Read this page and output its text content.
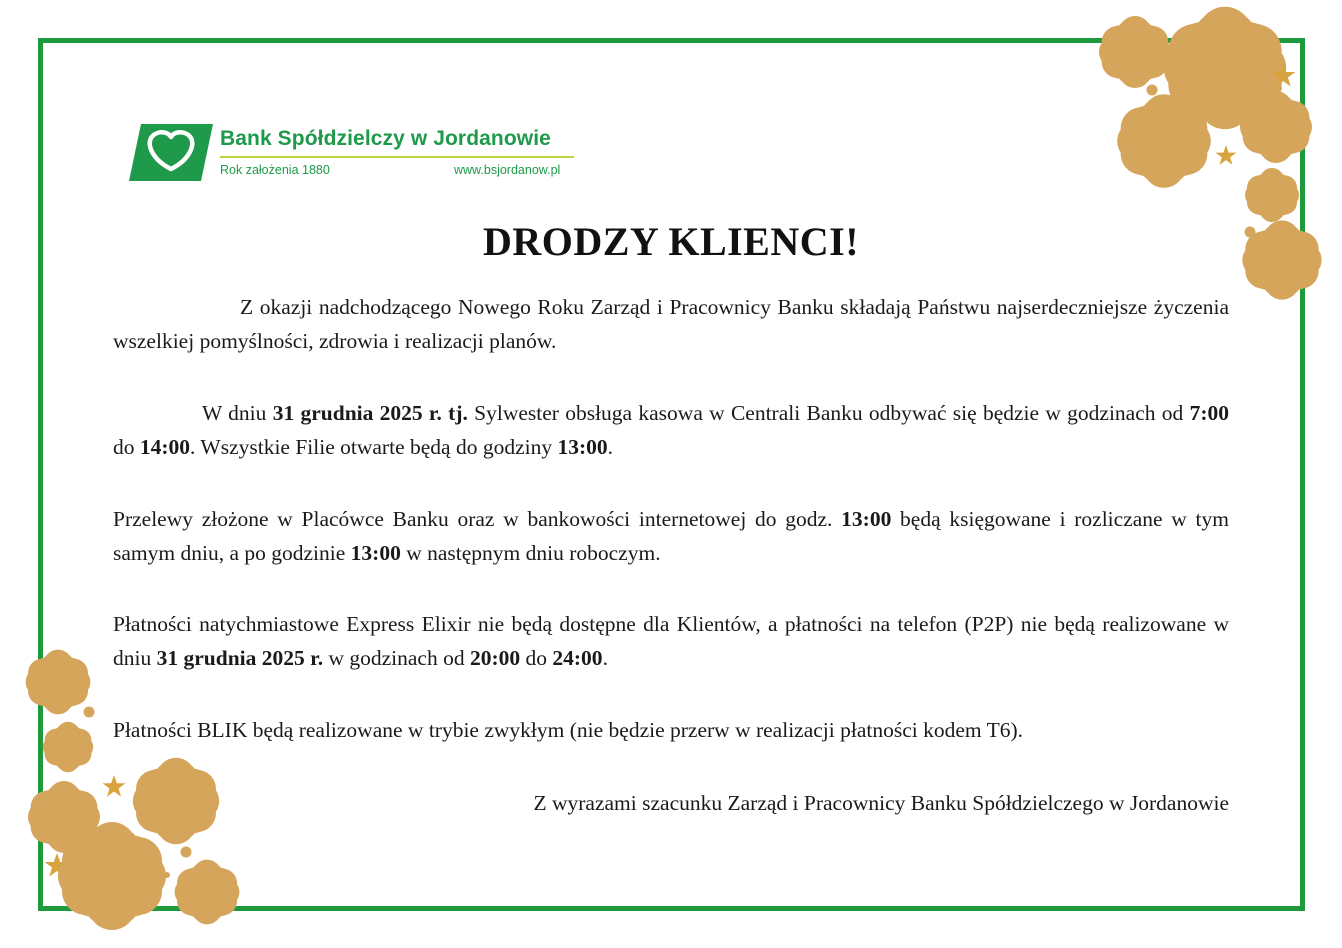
Bank Spółdzielczy w Jordanowie
Rok założenia 1880	www.bsjordanow.pl
DRODZY KLIENCI!

Z okazji nadchodzącego Nowego Roku Zarząd i Pracownicy Banku składają Państwu najserdeczniejsze życzenia wszelkiej pomyślności, zdrowia i realizacji planów.

W dniu 31 grudnia 2025 r. tj. Sylwester obsługa kasowa w Centrali Banku odbywać się będzie w godzinach od 7:00 do 14:00. Wszystkie Filie otwarte będą do godziny 13:00.

Przelewy złożone w Placówce Banku oraz w bankowości internetowej do godz. 13:00 będą księgowane i rozliczane w tym samym dniu, a po godzinie 13:00 w następnym dniu roboczym.

Płatności natychmiastowe Express Elixir nie będą dostępne dla Klientów, a płatności na telefon (P2P) nie będą realizowane w dniu 31 grudnia 2025 r. w godzinach od 20:00 do 24:00.

Płatności BLIK będą realizowane w trybie zwykłym (nie będzie przerw w realizacji płatności kodem T6).

Z wyrazami szacunku Zarząd i Pracownicy Banku Spółdzielczego w Jordanowie
